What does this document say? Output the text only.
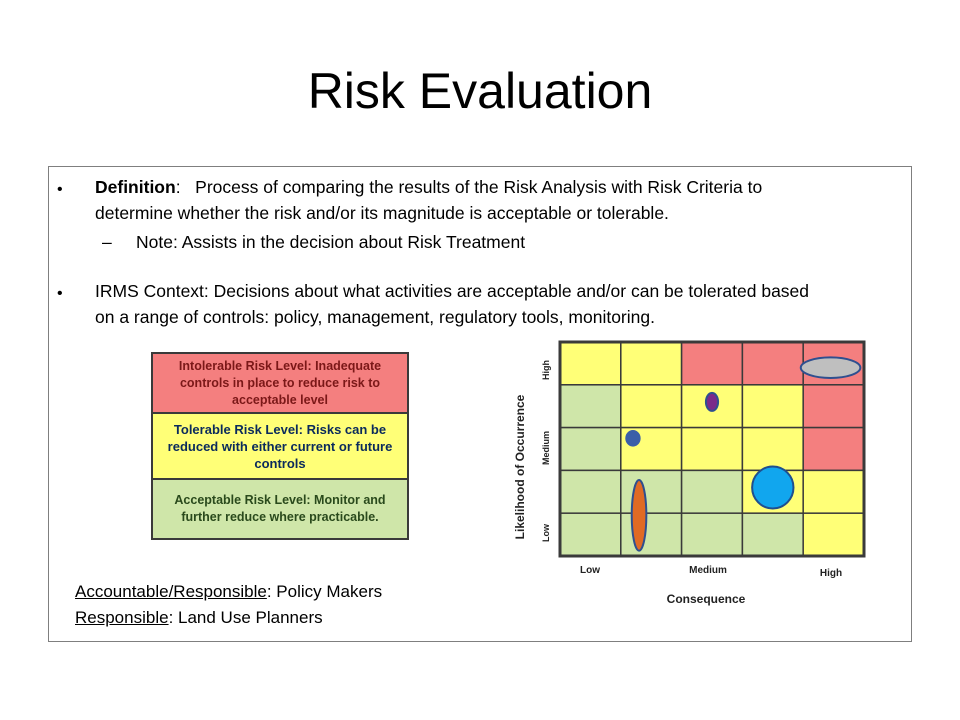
Risk Evaluation
• Definition: Process of comparing the results of the Risk Analysis with Risk Criteria to
determine whether the risk and/or its magnitude is acceptable or tolerable.
– Note: Assists in the decision about Risk Treatment
• IRMS Context: Decisions about what activities are acceptable and/or can be tolerated based
on a range of controls: policy, management, regulatory tools, monitoring.
Intolerable Risk Level: Inadequate controls in place to reduce risk to acceptable level
Tolerable Risk Level: Risks can be reduced with either current or future controls
Acceptable Risk Level: Monitor and further reduce where practicable.
Accountable/Responsible: Policy Makers
Responsible: Land Use Planners
Likelihood of Occurrence
High
Medium
Low
Low	Medium	High
Consequence
